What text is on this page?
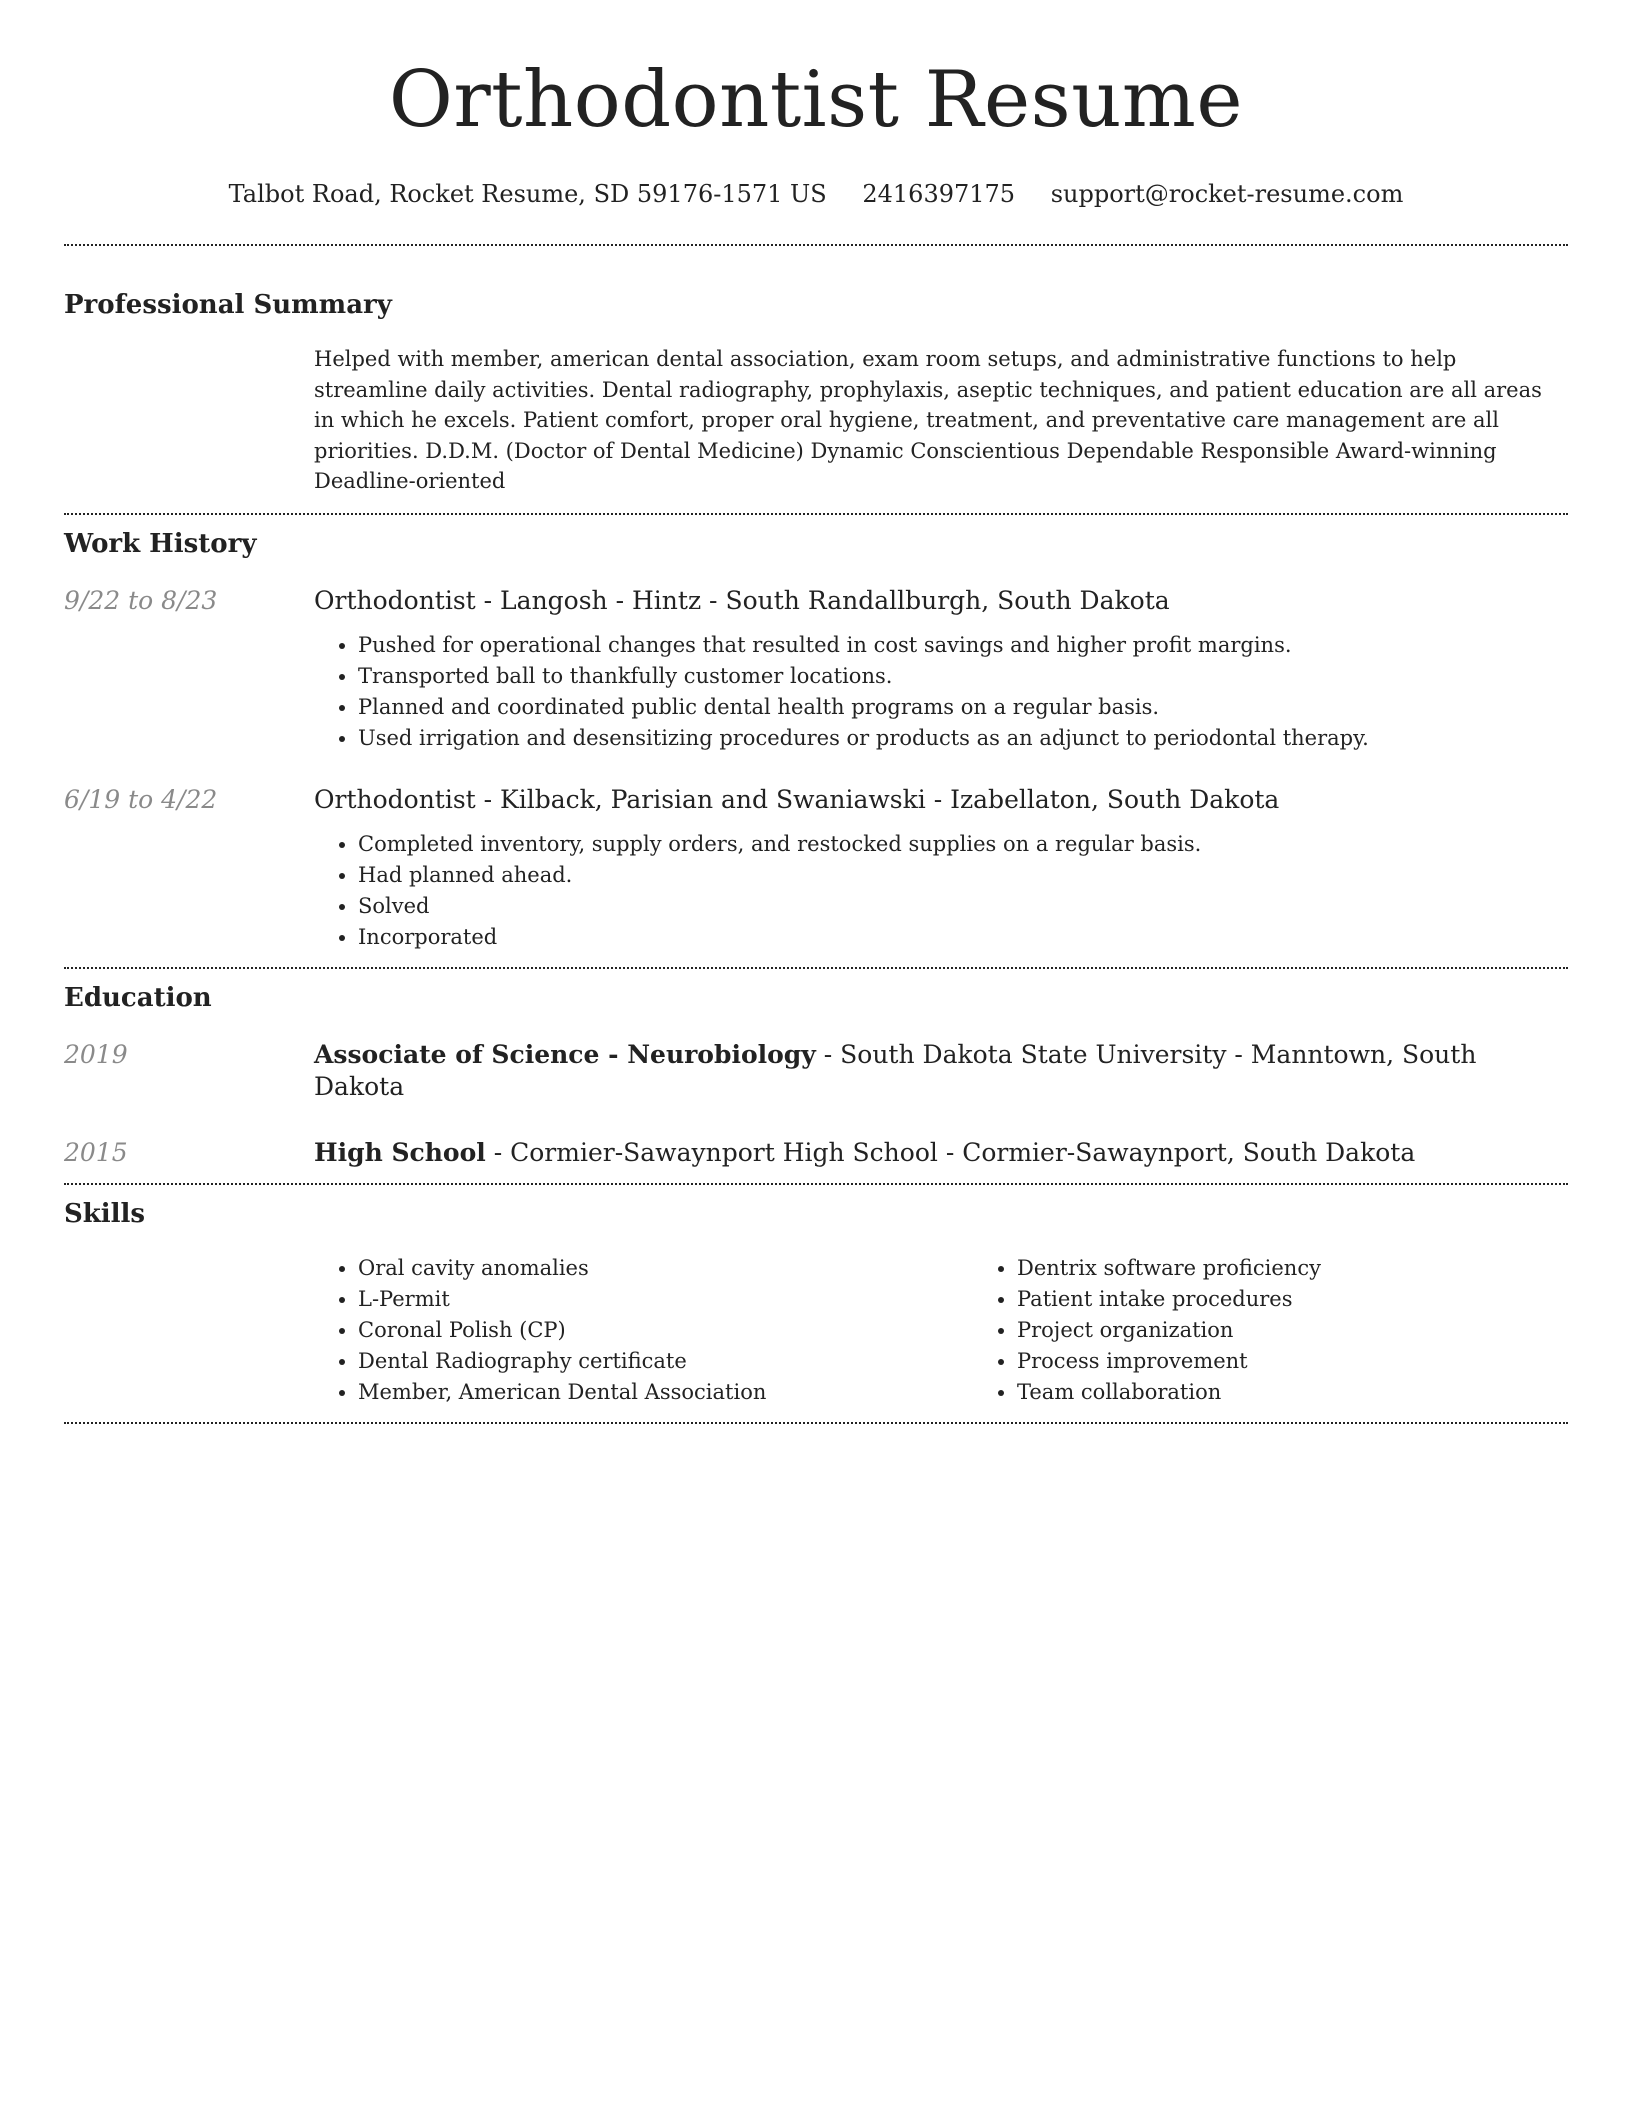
Orthodontist Resume
Talbot Road, Rocket Resume, SD 59176-1571 US 2416397175 support@rocket-resume.com
Professional Summary

Helped with member, american dental association, exam room setups, and administrative functions to help streamline daily activities. Dental radiography, prophylaxis, aseptic techniques, and patient education are all areas in which he excels. Patient comfort, proper oral hygiene, treatment, and preventative care management are all priorities. D.D.M. (Doctor of Dental Medicine) Dynamic Conscientious Dependable Responsible Award-winning Deadline-oriented

Work History
9/22 to 8/23	Orthodontist - Langosh - Hintz - South Randallburgh, South Dakota
• Pushed for operational changes that resulted in cost savings and higher profit margins.
• Transported ball to thankfully customer locations.
• Planned and coordinated public dental health programs on a regular basis.
• Used irrigation and desensitizing procedures or products as an adjunct to periodontal therapy.
6/19 to 4/22	Orthodontist - Kilback, Parisian and Swaniawski - Izabellaton, South Dakota
• Completed inventory, supply orders, and restocked supplies on a regular basis.
• Had planned ahead.
• Solved
• Incorporated
Education
2019	Associate of Science - Neurobiology - South Dakota State University - Manntown, South Dakota
2015	High School - Cormier-Sawaynport High School - Cormier-Sawaynport, South Dakota
Skills
• Oral cavity anomalies
• L-Permit
• Coronal Polish (CP)
• Dental Radiography certificate
• Member, American Dental Association
• Dentrix software proficiency
• Patient intake procedures
• Project organization
• Process improvement
• Team collaboration
